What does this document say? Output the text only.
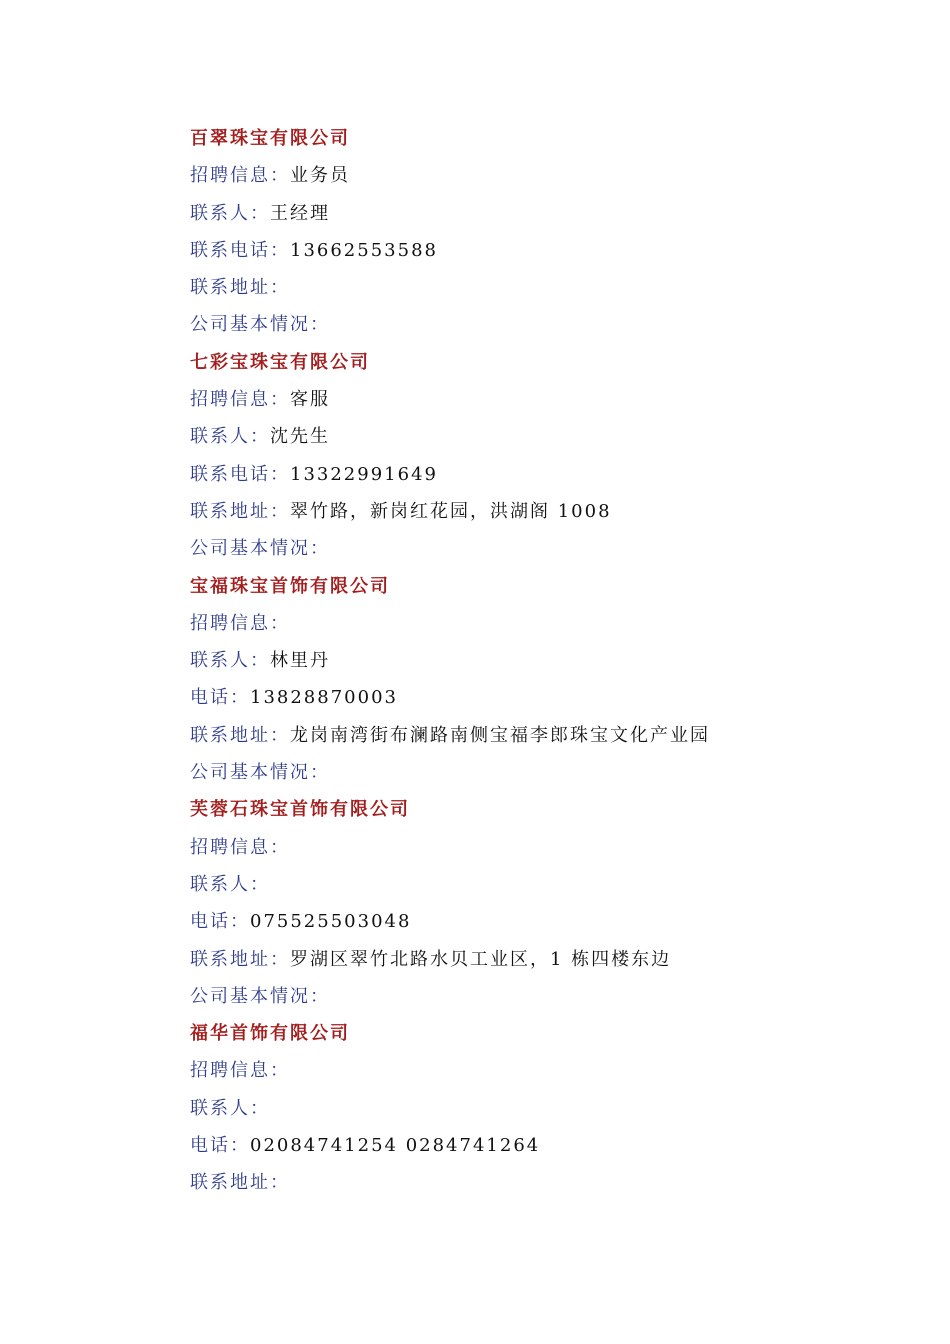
百翠珠宝有限公司
招聘信息：业务员
联系人：王经理
联系电话：13662553588
联系地址：
公司基本情况：
七彩宝珠宝有限公司
招聘信息：客服
联系人：沈先生
联系电话：13322991649
联系地址：翠竹路，新岗红花园，洪湖阁 1008
公司基本情况：
宝福珠宝首饰有限公司
招聘信息：
联系人：林里丹
电话：13828870003
联系地址：龙岗南湾街布澜路南侧宝福李郎珠宝文化产业园
公司基本情况：
芙蓉石珠宝首饰有限公司
招聘信息：
联系人：
电话：075525503048
联系地址：罗湖区翠竹北路水贝工业区，1 栋四楼东边
公司基本情况：
福华首饰有限公司
招聘信息：
联系人：
电话：02084741254 0284741264
联系地址：
